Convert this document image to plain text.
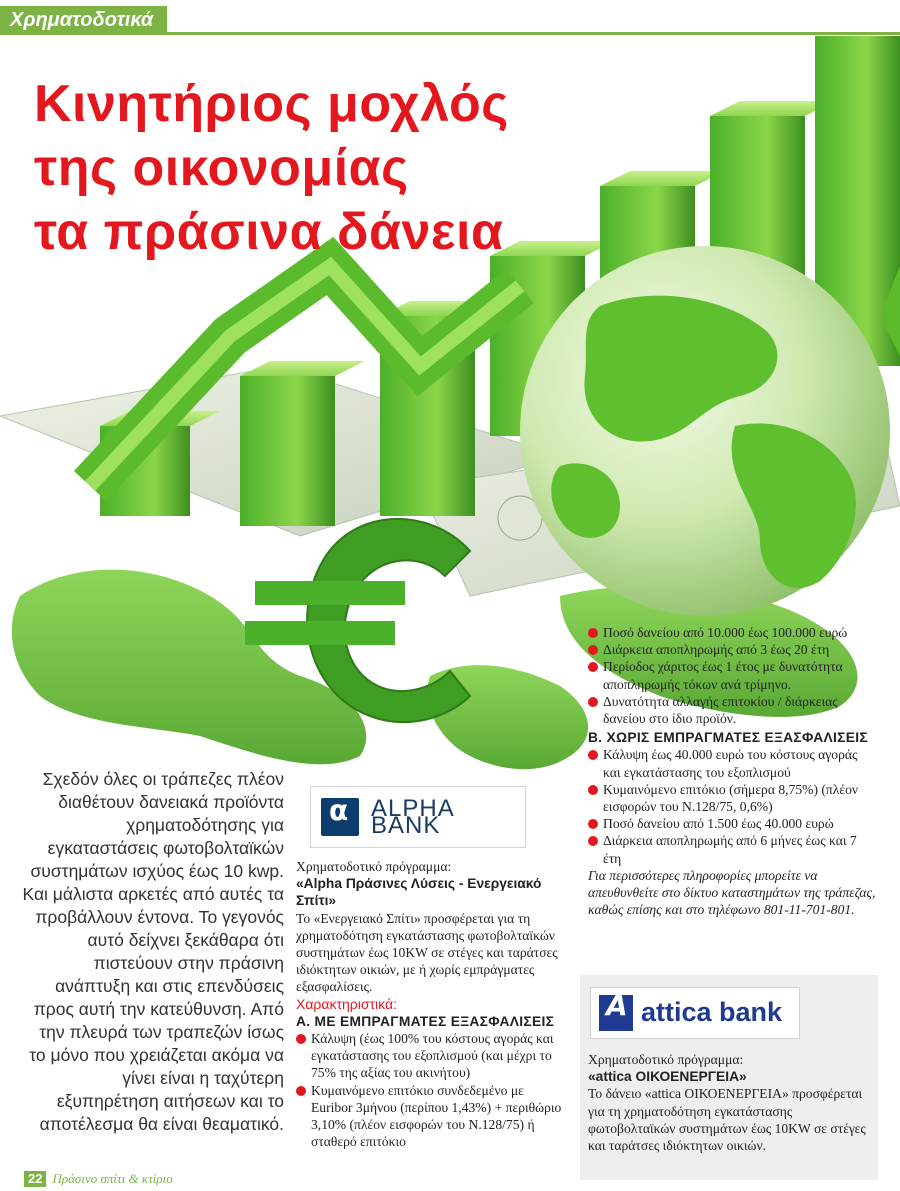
Χρηματοδοτικά
Κινητήριος μοχλός
της οικονομίας
τα πράσινα δάνεια

Σχεδόν όλες οι τράπεζες πλέον διαθέτουν δανειακά προϊόντα χρηματοδότησης για εγκαταστάσεις φωτοβολταϊκών συστημάτων ισχύος έως 10 kwp. Και μάλιστα αρκετές από αυτές τα προβάλλουν έντονα. Το γεγονός αυτό δείχνει ξεκάθαρα ότι πιστεύουν στην πράσινη ανάπτυξη και στις επενδύσεις προς αυτή την κατεύθυνση. Από την πλευρά των τραπεζών ίσως το μόνο που χρειάζεται ακόμα να γίνει είναι η ταχύτερη εξυπηρέτηση αιτήσεων και το αποτέλεσμα θα είναι θεαματικό.

α ALPHA BANK

Χρηματοδοτικό πρόγραμμα:

«Alpha Πράσινες Λύσεις - Ενεργειακό Σπίτι»

Το «Ενεργειακό Σπίτι» προσφέρεται για τη χρηματοδότηση εγκατάστασης φωτοβολταϊκών συστημάτων έως 10KW σε στέγες και ταράτσες ιδιόκτητων οικιών, με ή χωρίς εμπράγματες εξασφαλίσεις.

Χαρακτηριστικά:

Α. ΜΕ ΕΜΠΡΑΓΜΑΤΕΣ ΕΞΑΣΦΑΛΙΣΕΙΣ

Κάλυψη (έως 100% του κόστους αγοράς και εγκατάστασης του εξοπλισμού (και μέχρι το 75% της αξίας του ακινήτου)

Κυμαινόμενο επιτόκιο συνδεδεμένο με Euribor 3μήνου (περίπου 1,43%) + περιθώριο 3,10% (πλέον εισφορών του Ν.128/75) ή σταθερό επιτόκιο

Ποσό δανείου από 10.000 έως 100.000 ευρώ

Διάρκεια αποπληρωμής από 3 έως 20 έτη

Περίοδος χάριτος έως 1 έτος με δυνατότητα αποπληρωμής τόκων ανά τρίμηνο.

Δυνατότητα αλλαγής επιτοκίου / διάρκειας δανείου στο ίδιο προϊόν.

Β. ΧΩΡΙΣ ΕΜΠΡΑΓΜΑΤΕΣ ΕΞΑΣΦΑΛΙΣΕΙΣ

Κάλυψη έως 40.000 ευρώ του κόστους αγοράς και εγκατάστασης του εξοπλισμού

Κυμαινόμενο επιτόκιο (σήμερα 8,75%) (πλέον εισφορών του Ν.128/75, 0,6%)

Ποσό δανείου από 1.500 έως 40.000 ευρώ

Διάρκεια αποπληρωμής από 6 μήνες έως και 7 έτη

Για περισσότερες πληροφορίες μπορείτε να απευθυνθείτε στο δίκτυο καταστημάτων της τράπεζας, καθώς επίσης και στο τηλέφωνο 801-11-701-801.

A attica bank

Χρηματοδοτικό πρόγραμμα:

«attica ΟΙΚΟΕΝΕΡΓΕΙΑ»

Το δάνειο «attica ΟΙΚΟΕΝΕΡΓΕΙΑ» προσφέρεται για τη χρηματοδότηση εγκατάστασης φωτοβολταϊκών συστημάτων έως 10KW σε στέγες και ταράτσες ιδιόκτητων οικιών.

22 Πράσινο σπίτι & κτίριο
